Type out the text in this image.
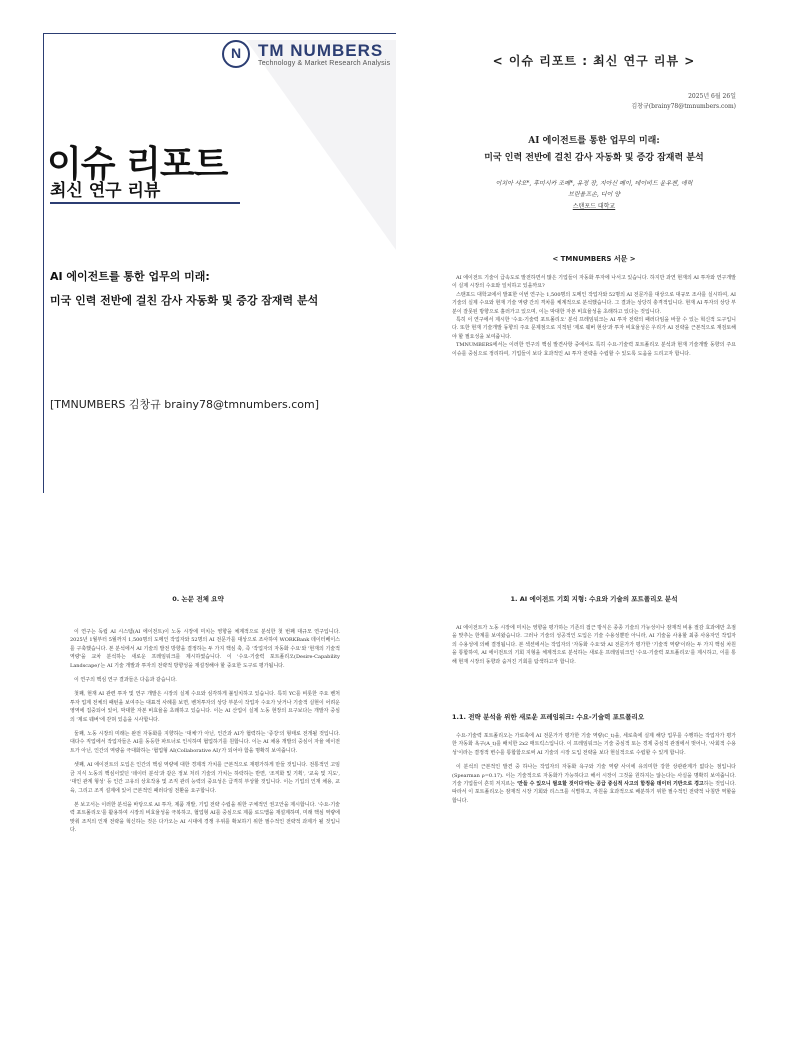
N TM NUMBERS
Technology & Market Research Analysis
이슈 리포트
최신 연구 리뷰
AI 에이전트를 통한 업무의 미래:
미국 인력 전반에 걸친 감사 자동화 및 증강 잠재력 분석
[TMNUMBERS 김창규 brainy78@tmnumbers.com]
< 이슈 리포트 : 최신 연구 리뷰 >
2025년 6월 26일
김창규(brainy78@tmnumbers.com)
AI 에이전트를 통한 업무의 미래:
미국 인력 전반에 걸친 감사 자동화 및 증강 잠재력 분석
이치아 샤오*, 후미시카 조페*, 유정 장, 지아신 페이, 데이비드 윤우젠, 에릭
브린욜프손, 디이 양
스탠포드 대학교
< TMNUMBERS 서문 >

AI 에이전트 기술이 급속도로 발전하면서 많은 기업들이 자동화 투자에 나서고 있습니다. 하지만 과연 현재의 AI 투자와 연구개발이 실제 시장의 수요와 일치하고 있을까요?

스탠포드 대학교에서 발표한 이번 연구는 1,500명의 도메인 작업자와 52명의 AI 전문가를 대상으로 대규모 조사를 실시하여, AI 기술의 실제 수요와 현재 기술 역량 간의 격차를 체계적으로 분석했습니다. 그 결과는 상당히 충격적입니다. 현재 AI 투자의 상당 부분이 잘못된 방향으로 흘러가고 있으며, 이는 막대한 자본 비효율성을 초래하고 있다는 것입니다.

특히 이 연구에서 제시한 '수요-기술력 포트폴리오' 분석 프레임워크는 AI 투자 전략의 패러다임을 바꿀 수 있는 혁신적 도구입니다. 또한 현재 기술개발 동향의 주요 문제점으로 지적된 '제로 웨버 현상'과 투자 비효율성은 우리가 AI 전략을 근본적으로 재검토해야 할 필요성을 보여줍니다.

TMNUMBERS에서는 이러한 연구의 핵심 발견사항 중에서도 특히 수요-기술력 포트폴리오 분석과 현재 기술개발 동향의 주요 이슈를 중심으로 정리하여, 기업들이 보다 효과적인 AI 투자 전략을 수립할 수 있도록 도움을 드리고자 합니다.

0. 논문 전체 요약

이 연구는 독립 AI 시스템(AI 에이전트)이 노동 시장에 미치는 영향을 체계적으로 분석한 첫 번째 대규모 연구입니다. 2025년 1월부터 5월까지 1,500명의 도메인 작업자와 52명의 AI 전문가를 대상으로 조사하여 WORKBank 데이터베이스를 구축했습니다. 본 분석에서 AI 기술의 발전 방향을 결정하는 두 가지 핵심 축, 즉 '작업자의 자동화 수요'와 '현재의 기술적 역량'을 교차 분석하는 새로운 프레임워크를 제시하였습니다. 이 '수요-기술력 포트폴리오(Desire-Capability Landscape)'는 AI 기술 개발과 투자의 전략적 방향성을 재설정해야 할 중요한 도구로 평가됩니다.

이 연구의 핵심 연구 결과들은 다음과 같습니다.

첫째, 현재 AI 관련 투자 및 연구 개발은 시장의 실제 수요와 심각하게 불일치하고 있습니다. 특히 YC를 비롯한 주요 벤처투자 업계 전체의 패턴을 보여주는 대표적 사례를 보면, 벤처투자의 상당 부분이 작업자 수요가 낮거나 기술적 실현이 어려운 영역에 집중되어 있어, 막대한 자본 비효율을 초래하고 있습니다. 이는 AI 산업이 실제 노동 현장의 요구보다는 개발자 중심의 '제로 웨버'에 갇혀 있음을 시사합니다.

둘째, 노동 시장의 미래는 완전 자동화를 지향하는 '대체'가 아닌, 인간과 AI가 협력하는 '증강'의 형태로 전개될 것입니다. 대다수 직업에서 작업자들은 AI를 동등한 파트너로 인식하며 협업하기를 원합니다. 이는 AI 채용 개발의 중심이 자율 에이전트가 아닌, 인간의 역량을 극대화하는 '협업형 AI(Collaborative AI)'가 되어야 함을 명확히 보여줍니다.

셋째, AI 에이전트의 도입은 인간의 핵심 역량에 대한 경제적 가치를 근본적으로 재평가하게 만들 것입니다. 전통적인 고임금 지식 노동의 핵심이었던 '데이터 분석'과 같은 정보 처리 기술의 가치는 하락하는 반면, '조직화 및 기획', '교육 및 지도', '대인 관계 형성' 등 인간 고유의 상호작용 및 조직 관리 능력의 중요성은 급격히 부상할 것입니다. 이는 기업의 인재 채용, 교육, 그리고 조직 설계에 있어 근본적인 패러다임 전환을 요구합니다.

본 보고서는 이러한 분석을 바탕으로 AI 투자, 제품 개발, 기업 전략 수립을 위한 구체적인 권고안을 제시합니다. '수요-기술력 포트폴리오'를 활용하여 시장의 비효율성을 극복하고, 협업형 AI를 중심으로 제품 로드맵을 재설계하며, 미래 핵심 역량에 맞춰 조직의 인재 전략을 혁신하는 것은 다가오는 AI 시대에 경쟁 우위를 확보하기 위한 필수적인 전략적 과제가 될 것입니다.

1. AI 에이전트 기회 지형: 수요와 기술의 포트폴리오 분석

AI 에이전트가 노동 시장에 미치는 영향을 평가하는 기존의 접근 방식은 종종 기술의 가능성이나 잠재적 비용 절감 효과에만 초점을 맞추는 한계를 보여왔습니다. 그러나 기술의 성공적인 도입은 기술 수용성뿐만 아니라, AI 기술을 사용할 최종 사용자인 작업자의 수용성에 의해 결정됩니다. 본 섹션에서는 작업자의 '자동화 수요'와 AI 전문가가 평가한 '기술적 역량'이라는 두 가지 핵심 차원을 통합하여, AI 에이전트의 기회 지형을 체계적으로 분석하는 새로운 프레임워크인 '수요-기술력 포트폴리오'를 제시하고, 이를 통해 현재 시장의 동향과 숨겨진 기회를 탐색하고자 합니다.

1.1. 전략 분석을 위한 새로운 프레임워크: 수요-기술력 포트폴리오

수요-기술력 포트폴리오는 가로축에 AI 전문가가 평가한 기술 역량(C_t)을, 세로축에 실제 해당 업무를 수행하는 작업자가 평가한 자동화 욕구(A_t)를 배치한 2x2 매트릭스입니다. 이 프레임워크는 기술 중심적 또는 경제 중심적 관점에서 벗어나, '사회적 수용성'이라는 결정적 변수를 통합함으로써 AI 기술의 시장 도입 전략을 보다 현실적으로 수립할 수 있게 합니다.

이 분석의 근본적인 발견 중 하나는 작업자의 자동화 욕구와 기술 역량 사이에 유의미한 강한 상관관계가 없다는 점입니다 (Spearman ρ=0.17). 이는 기술적으로 자동화가 가능하다고 해서 시장이 그것을 원하지는 않는다는 사실을 명확히 보여줍니다. 기술 기업들이 흔히 저지르는 '만들 수 있으니 필요할 것이다'라는 공급 중심적 사고의 함정을 데이터 기반으로 경고하는 것입니다. 따라서 이 포트폴리오는 잠재적 시장 기회와 리스크를 식별하고, 자원을 효과적으로 배분하기 위한 필수적인 전략적 나침반 역할을 합니다.
